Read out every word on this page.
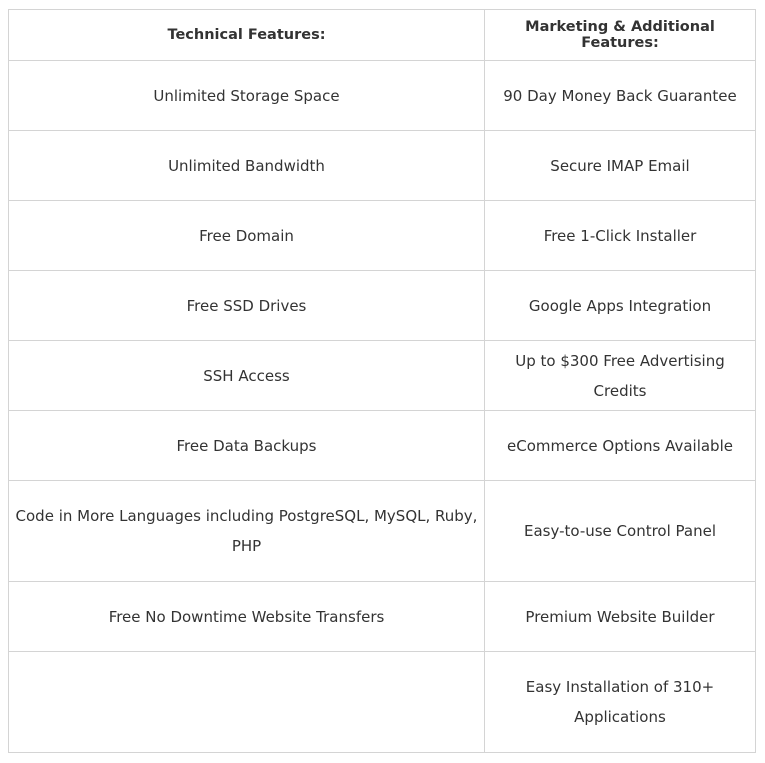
Technical Features:	Marketing & Additional Features:
Unlimited Storage Space	90 Day Money Back Guarantee
Unlimited Bandwidth	Secure IMAP Email
Free Domain	Free 1-Click Installer
Free SSD Drives	Google Apps Integration
SSH Access	Up to $300 Free Advertising Credits
Free Data Backups	eCommerce Options Available
Code in More Languages including PostgreSQL, MySQL, Ruby, PHP	Easy-to-use Control Panel
Free No Downtime Website Transfers	Premium Website Builder
	Easy Installation of 310+ Applications
